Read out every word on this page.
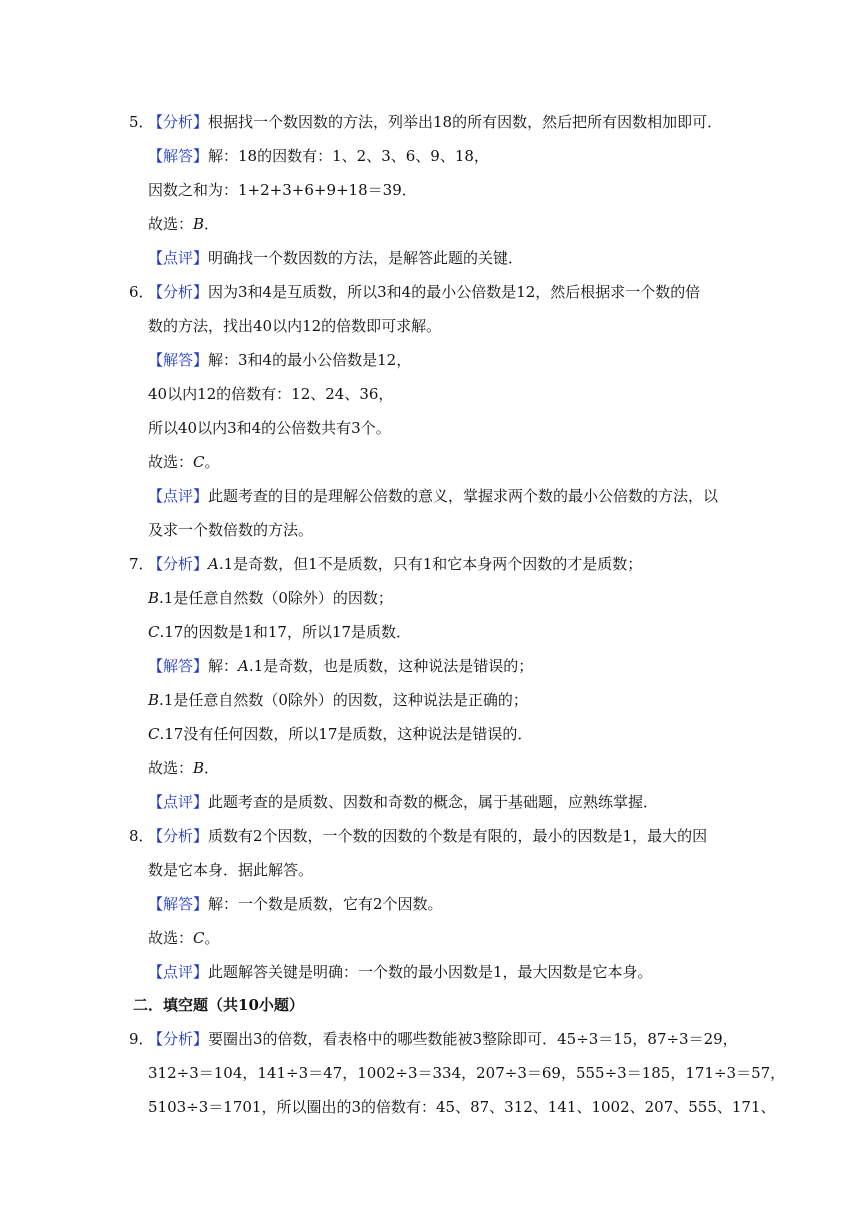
5．
【分析】根据找一个数因数的方法，列举出18的所有因数，然后把所有因数相加即可．
【解答】解：18的因数有：1、2、3、6、9、18，
因数之和为：1+2+3+6+9+18＝39．
故选：B．
【点评】明确找一个数因数的方法，是解答此题的关键．
6．
【分析】因为3和4是互质数，所以3和4的最小公倍数是12，然后根据求一个数的倍
数的方法，找出40以内12的倍数即可求解。
【解答】解：3和4的最小公倍数是12，
40以内12的倍数有：12、24、36，
所以40以内3和4的公倍数共有3个。
故选：C。
【点评】此题考查的目的是理解公倍数的意义，掌握求两个数的最小公倍数的方法，以
及求一个数倍数的方法。
7．
【分析】A.1是奇数，但1不是质数，只有1和它本身两个因数的才是质数；
B.1是任意自然数（0除外）的因数；
C.17的因数是1和17，所以17是质数．
【解答】解：A.1是奇数，也是质数，这种说法是错误的；
B.1是任意自然数（0除外）的因数，这种说法是正确的；
C.17没有任何因数，所以17是质数，这种说法是错误的．
故选：B．
【点评】此题考查的是质数、因数和奇数的概念，属于基础题，应熟练掌握．
8．
【分析】质数有2个因数，一个数的因数的个数是有限的，最小的因数是1，最大的因
数是它本身．据此解答。
【解答】解：一个数是质数，它有2个因数。
故选：C。
【点评】此题解答关键是明确：一个数的最小因数是1，最大因数是它本身。
二．填空题（共10小题）
9．
【分析】要圈出3的倍数，看表格中的哪些数能被3整除即可．45÷3＝15，87÷3＝29，
312÷3＝104，141÷3＝47，1002÷3＝334，207÷3＝69，555÷3＝185，171÷3＝57，
5103÷3＝1701，所以圈出的3的倍数有：45、87、312、141、1002、207、555、171、
